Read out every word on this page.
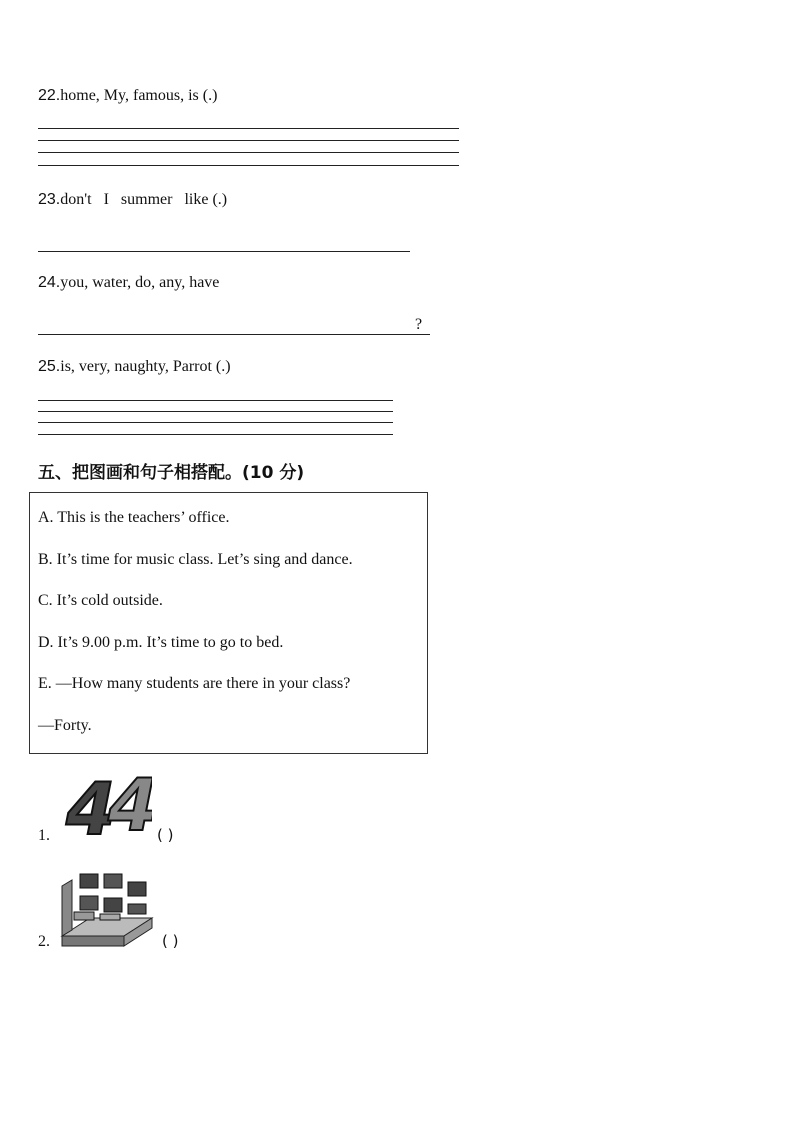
22.home, My, famous, is (.)
23.don't   I   summer   like (.)
24.you, water, do, any, have
?
25.is, very, naughty, Parrot (.)
五、把图画和句子相搭配。(10 分)
A. This is the teachers’ office.
B. It’s time for music class. Let’s sing and dance.
C. It’s cold outside.
D. It’s 9.00 p.m. It’s time to go to bed.
E. —How many students are there in your class?
—Forty.
1. 4	( )
2.	( )
